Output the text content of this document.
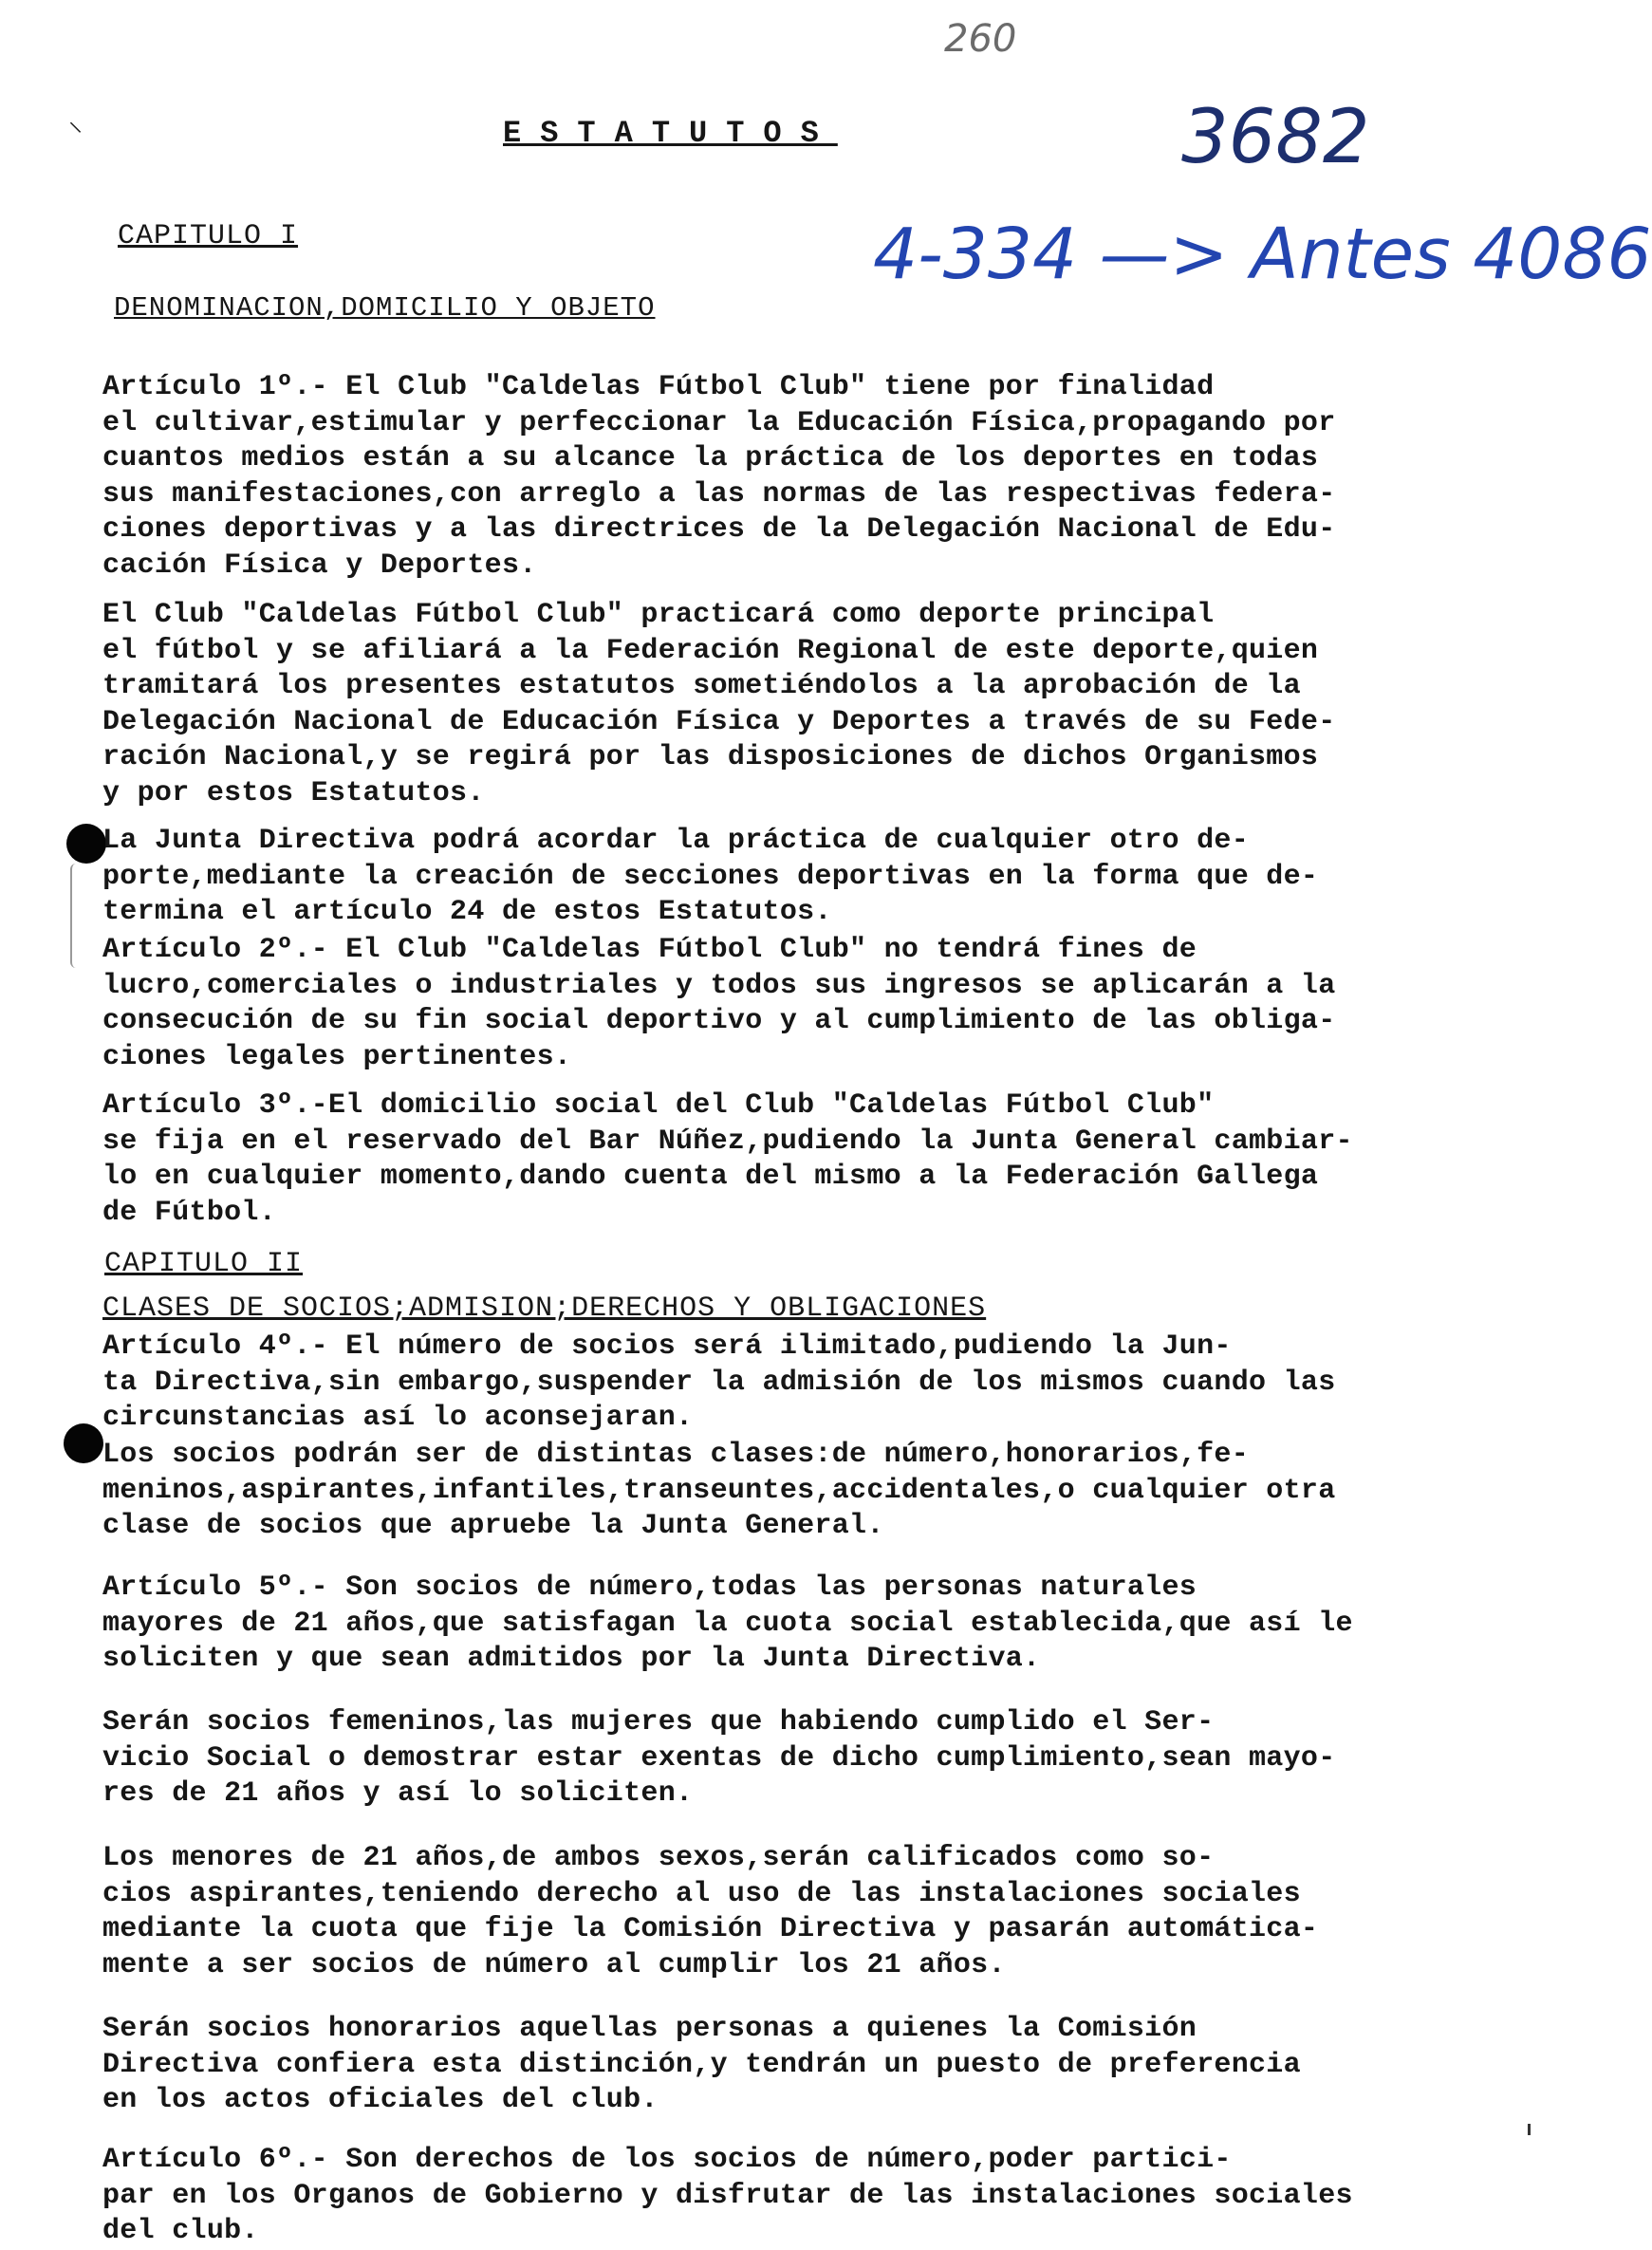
260
3682
4-334 —> Antes 4086
⸌	ESTATUTOS
CAPITULO I
DENOMINACION,DOMICILIO Y OBJETO
Artículo 1º.- El Club "Caldelas Fútbol Club" tiene por finalidad
el cultivar,estimular y perfeccionar la Educación Física,propagando por
cuantos medios están a su alcance la práctica de los deportes en todas
sus manifestaciones,con arreglo a las normas de las respectivas federa-
ciones deportivas y a las directrices de la Delegación Nacional de Edu-
cación Física y Deportes.
El Club "Caldelas Fútbol Club" practicará como deporte principal
el fútbol y se afiliará a la Federación Regional de este deporte,quien
tramitará los presentes estatutos sometiéndolos a la aprobación de la
Delegación Nacional de Educación Física y Deportes a través de su Fede-
ración Nacional,y se regirá por las disposiciones de dichos Organismos
y por estos Estatutos.
La Junta Directiva podrá acordar la práctica de cualquier otro de-
porte,mediante la creación de secciones deportivas en la forma que de-
termina el artículo 24 de estos Estatutos.
Artículo 2º.- El Club "Caldelas Fútbol Club" no tendrá fines de
lucro,comerciales o industriales y todos sus ingresos se aplicarán a la
consecución de su fin social deportivo y al cumplimiento de las obliga-
ciones legales pertinentes.
Artículo 3º.-El domicilio social del Club "Caldelas Fútbol Club"
se fija en el reservado del Bar Núñez,pudiendo la Junta General cambiar-
lo en cualquier momento,dando cuenta del mismo a la Federación Gallega
de Fútbol.
CAPITULO II
CLASES DE SOCIOS;ADMISION;DERECHOS Y OBLIGACIONES
Artículo 4º.- El número de socios será ilimitado,pudiendo la Jun-
ta Directiva,sin embargo,suspender la admisión de los mismos cuando las
circunstancias así lo aconsejaran.
Los socios podrán ser de distintas clases:de número,honorarios,fe-
meninos,aspirantes,infantiles,transeuntes,accidentales,o cualquier otra
clase de socios que apruebe la Junta General.
Artículo 5º.- Son socios de número,todas las personas naturales
mayores de 21 años,que satisfagan la cuota social establecida,que así le
soliciten y que sean admitidos por la Junta Directiva.
Serán socios femeninos,las mujeres que habiendo cumplido el Ser-
vicio Social o demostrar estar exentas de dicho cumplimiento,sean mayo-
res de 21 años y así lo soliciten.
Los menores de 21 años,de ambos sexos,serán calificados como so-
cios aspirantes,teniendo derecho al uso de las instalaciones sociales
mediante la cuota que fije la Comisión Directiva y pasarán automática-
mente a ser socios de número al cumplir los 21 años.
Serán socios honorarios aquellas personas a quienes la Comisión
Directiva confiera esta distinción,y tendrán un puesto de preferencia
en los actos oficiales del club.
Artículo 6º.- Son derechos de los socios de número,poder partici-
par en los Organos de Gobierno y disfrutar de las instalaciones sociales
del club.
